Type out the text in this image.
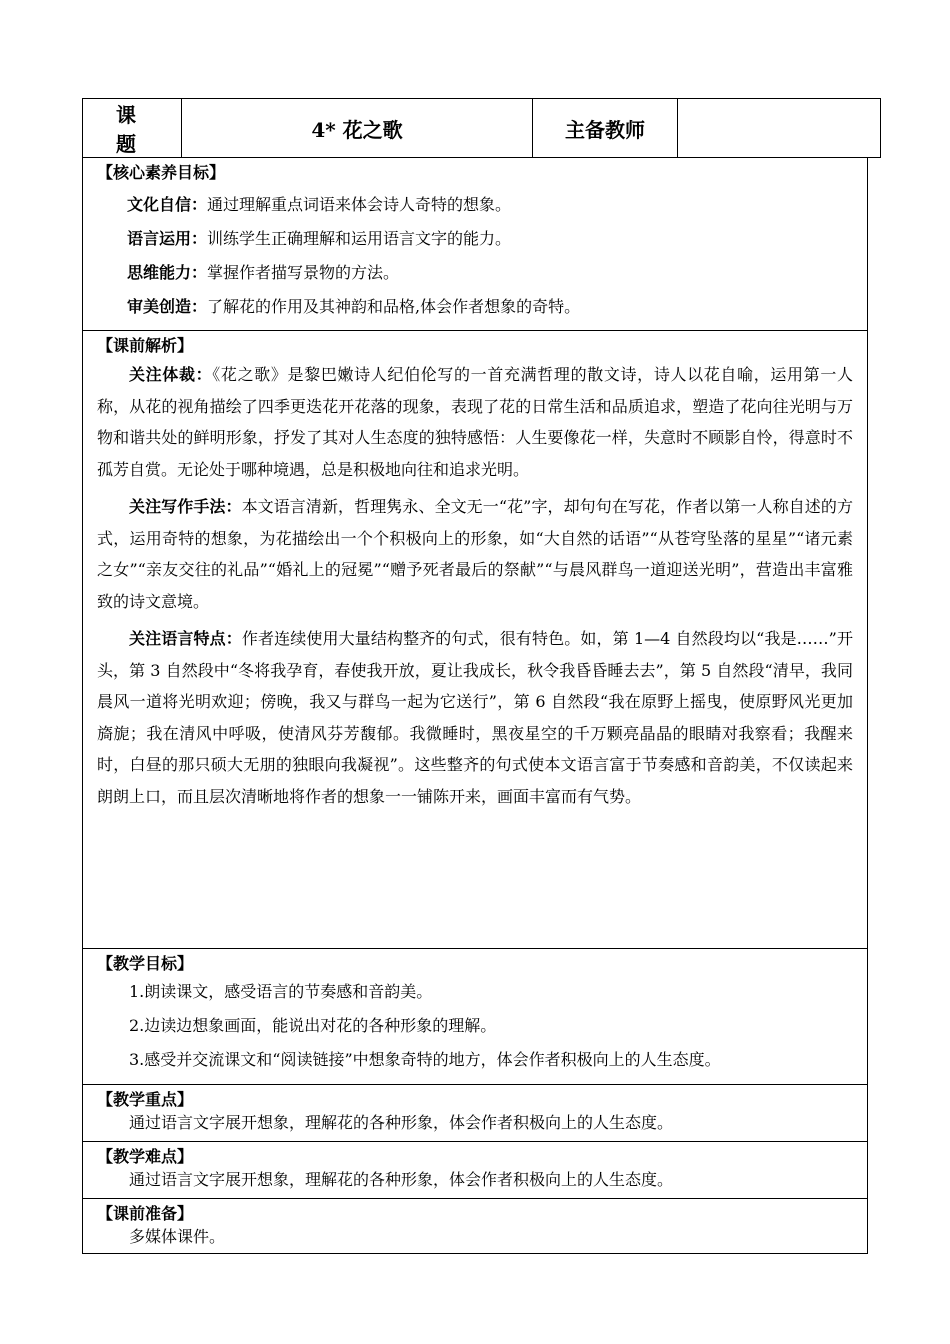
课 题	4* 花之歌	主备教师	
【核心素养目标】
文化自信：通过理解重点词语来体会诗人奇特的想象。
语言运用：训练学生正确理解和运用语言文字的能力。
思维能力：掌握作者描写景物的方法。
审美创造：了解花的作用及其神韵和品格,体会作者想象的奇特。
【课前解析】
关注体裁：《花之歌》是黎巴嫩诗人纪伯伦写的一首充满哲理的散文诗，诗人以花自喻，运用第一人称，从花的视角描绘了四季更迭花开花落的现象，表现了花的日常生活和品质追求，塑造了花向往光明与万物和谐共处的鲜明形象，抒发了其对人生态度的独特感悟：人生要像花一样，失意时不顾影自怜，得意时不孤芳自赏。无论处于哪种境遇，总是积极地向往和追求光明。
关注写作手法：本文语言清新，哲理隽永、全文无一“花”字，却句句在写花，作者以第一人称自述的方式，运用奇特的想象，为花描绘出一个个积极向上的形象，如“大自然的话语”“从苍穹坠落的星星”“诸元素之女”“亲友交往的礼品”“婚礼上的冠冕”“赠予死者最后的祭献”“与晨风群鸟一道迎送光明”，营造出丰富雅致的诗文意境。
关注语言特点：作者连续使用大量结构整齐的句式，很有特色。如，第 1—4 自然段均以“我是……”开头，第 3 自然段中“冬将我孕育，春使我开放，夏让我成长，秋令我昏昏睡去去”，第 5 自然段“清早，我同晨风一道将光明欢迎；傍晚，我又与群鸟一起为它送行”，第 6 自然段“我在原野上摇曳，使原野风光更加旖旎；我在清风中呼吸，使清风芬芳馥郁。我微睡时，黑夜星空的千万颗亮晶晶的眼睛对我察看；我醒来时，白昼的那只硕大无朋的独眼向我凝视”。这些整齐的句式使本文语言富于节奏感和音韵美，不仅读起来朗朗上口，而且层次清晰地将作者的想象一一铺陈开来，画面丰富而有气势。
【教学目标】
1.朗读课文，感受语言的节奏感和音韵美。
2.边读边想象画面，能说出对花的各种形象的理解。
3.感受并交流课文和“阅读链接”中想象奇特的地方，体会作者积极向上的人生态度。
【教学重点】
通过语言文字展开想象，理解花的各种形象，体会作者积极向上的人生态度。
【教学难点】
通过语言文字展开想象，理解花的各种形象，体会作者积极向上的人生态度。
【课前准备】
多媒体课件。
